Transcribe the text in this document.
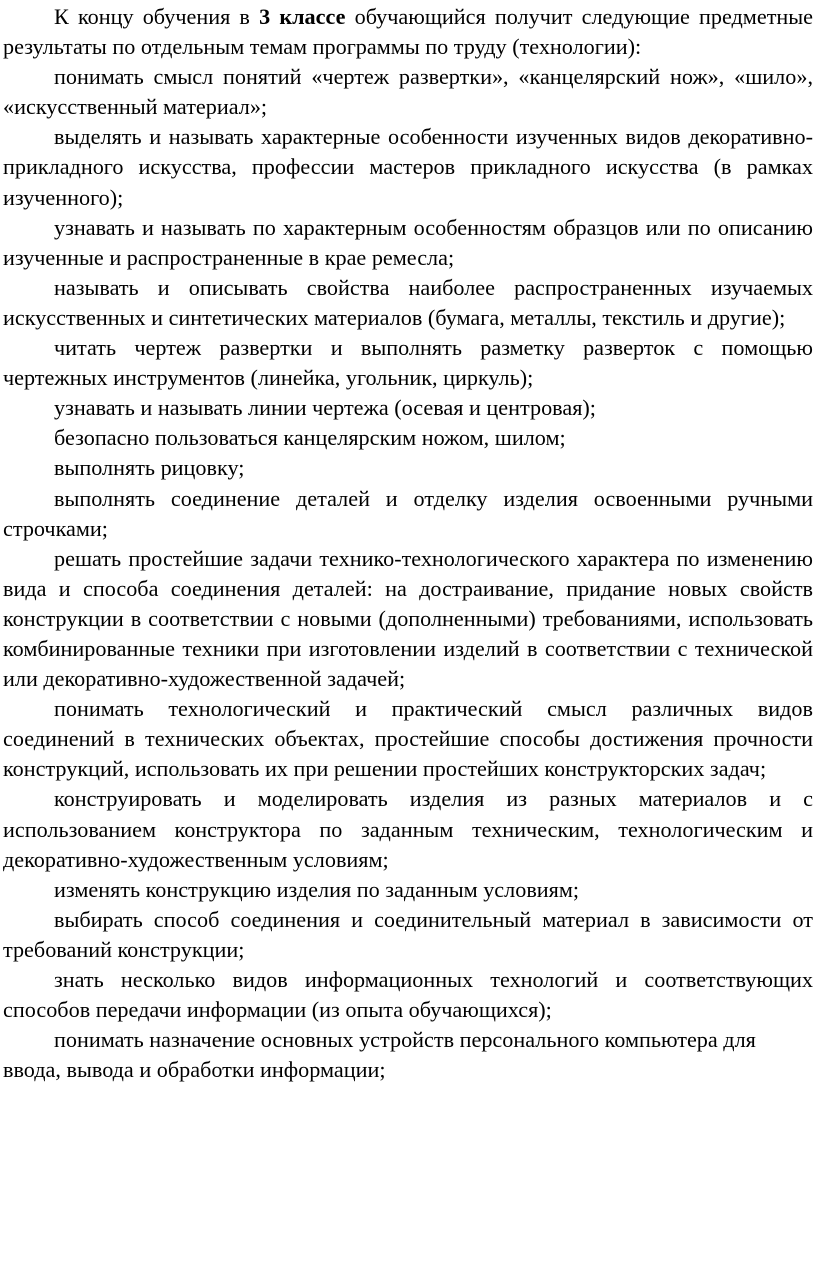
К концу обучения в 3 классе обучающийся получит следующие предметные результаты по отдельным темам программы по труду (технологии):

понимать смысл понятий «чертеж развертки», «канцелярский нож», «шило», «искусственный материал»;

выделять и называть характерные особенности изученных видов декоративно-прикладного искусства, профессии мастеров прикладного искусства (в рамках изученного);

узнавать и называть по характерным особенностям образцов или по описанию изученные и распространенные в крае ремесла;

называть и описывать свойства наиболее распространенных изучаемых искусственных и синтетических материалов (бумага, металлы, текстиль и другие);

читать чертеж развертки и выполнять разметку разверток с помощью чертежных инструментов (линейка, угольник, циркуль);

узнавать и называть линии чертежа (осевая и центровая);

безопасно пользоваться канцелярским ножом, шилом;

выполнять рицовку;

выполнять соединение деталей и отделку изделия освоенными ручными строчками;

решать простейшие задачи технико-технологического характера по изменению вида и способа соединения деталей: на достраивание, придание новых свойств конструкции в соответствии с новыми (дополненными) требованиями, использовать комбинированные техники при изготовлении изделий в соответствии с технической или декоративно-художественной задачей;

понимать технологический и практический смысл различных видов соединений в технических объектах, простейшие способы достижения прочности конструкций, использовать их при решении простейших конструкторских задач;

конструировать и моделировать изделия из разных материалов и с использованием конструктора по заданным техническим, технологическим и декоративно-художественным условиям;

изменять конструкцию изделия по заданным условиям;

выбирать способ соединения и соединительный материал в зависимости от требований конструкции;

знать несколько видов информационных технологий и соответствующих способов передачи информации (из опыта обучающихся);

понимать назначение основных устройств персонального компьютера для ввода, вывода и обработки информации;
